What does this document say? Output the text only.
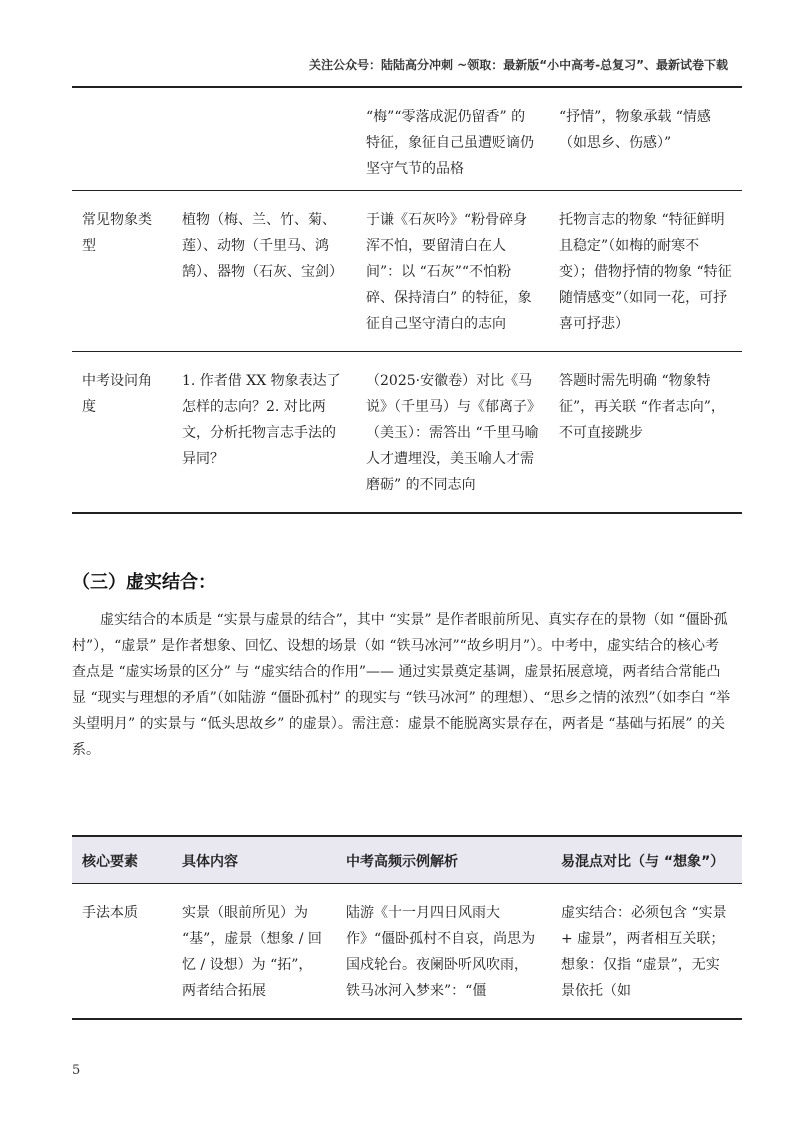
关注公众号：陆陆高分冲刺 ~领取：最新版“小中高考-总复习”、最新试卷下载
		“梅”“零落成泥仍留香” 的特征，象征自己虽遭贬谪仍坚守气节的品格	“抒情”，物象承载 “情感（如思乡、伤感）”
常见物象类型	植物（梅、兰、竹、菊、莲）、动物（千里马、鸿鹄）、器物（石灰、宝剑）	于谦《石灰吟》“粉骨碎身浑不怕，要留清白在人间”：以 “石灰”“不怕粉碎、保持清白” 的特征，象征自己坚守清白的志向	托物言志的物象 “特征鲜明且稳定”（如梅的耐寒不变）；借物抒情的物象 “特征随情感变”（如同一花，可抒喜可抒悲）
中考设问角度	1. 作者借 XX 物象表达了怎样的志向？2. 对比两文，分析托物言志手法的异同？	（2025·安徽卷）对比《马说》（千里马）与《郁离子》（美玉）：需答出 “千里马喻人才遭埋没，美玉喻人才需磨砺” 的不同志向	答题时需先明确 “物象特征”，再关联 “作者志向”，不可直接跳步
（三）虚实结合：

虚实结合的本质是 “实景与虚景的结合”，其中 “实景” 是作者眼前所见、真实存在的景物（如 “僵卧孤村”），“虚景” 是作者想象、回忆、设想的场景（如 “铁马冰河”“故乡明月”）。中考中，虚实结合的核心考查点是 “虚实场景的区分” 与 “虚实结合的作用”—— 通过实景奠定基调，虚景拓展意境，两者结合常能凸显 “现实与理想的矛盾”（如陆游 “僵卧孤村” 的现实与 “铁马冰河” 的理想）、“思乡之情的浓烈”（如李白 “举头望明月” 的实景与 “低头思故乡” 的虚景）。需注意：虚景不能脱离实景存在，两者是 “基础与拓展” 的关系。

核心要素	具体内容	中考高频示例解析	易混点对比（与 “想象”）
手法本质	实景（眼前所见）为 “基”，虚景（想象 / 回忆 / 设想）为 “拓”，两者结合拓展	陆游《十一月四日风雨大作》“僵卧孤村不自哀，尚思为国戍轮台。夜阑卧听风吹雨，铁马冰河入梦来”：“僵	虚实结合：必须包含 “实景 + 虚景”，两者相互关联；想象：仅指 “虚景”，无实景依托（如
5
